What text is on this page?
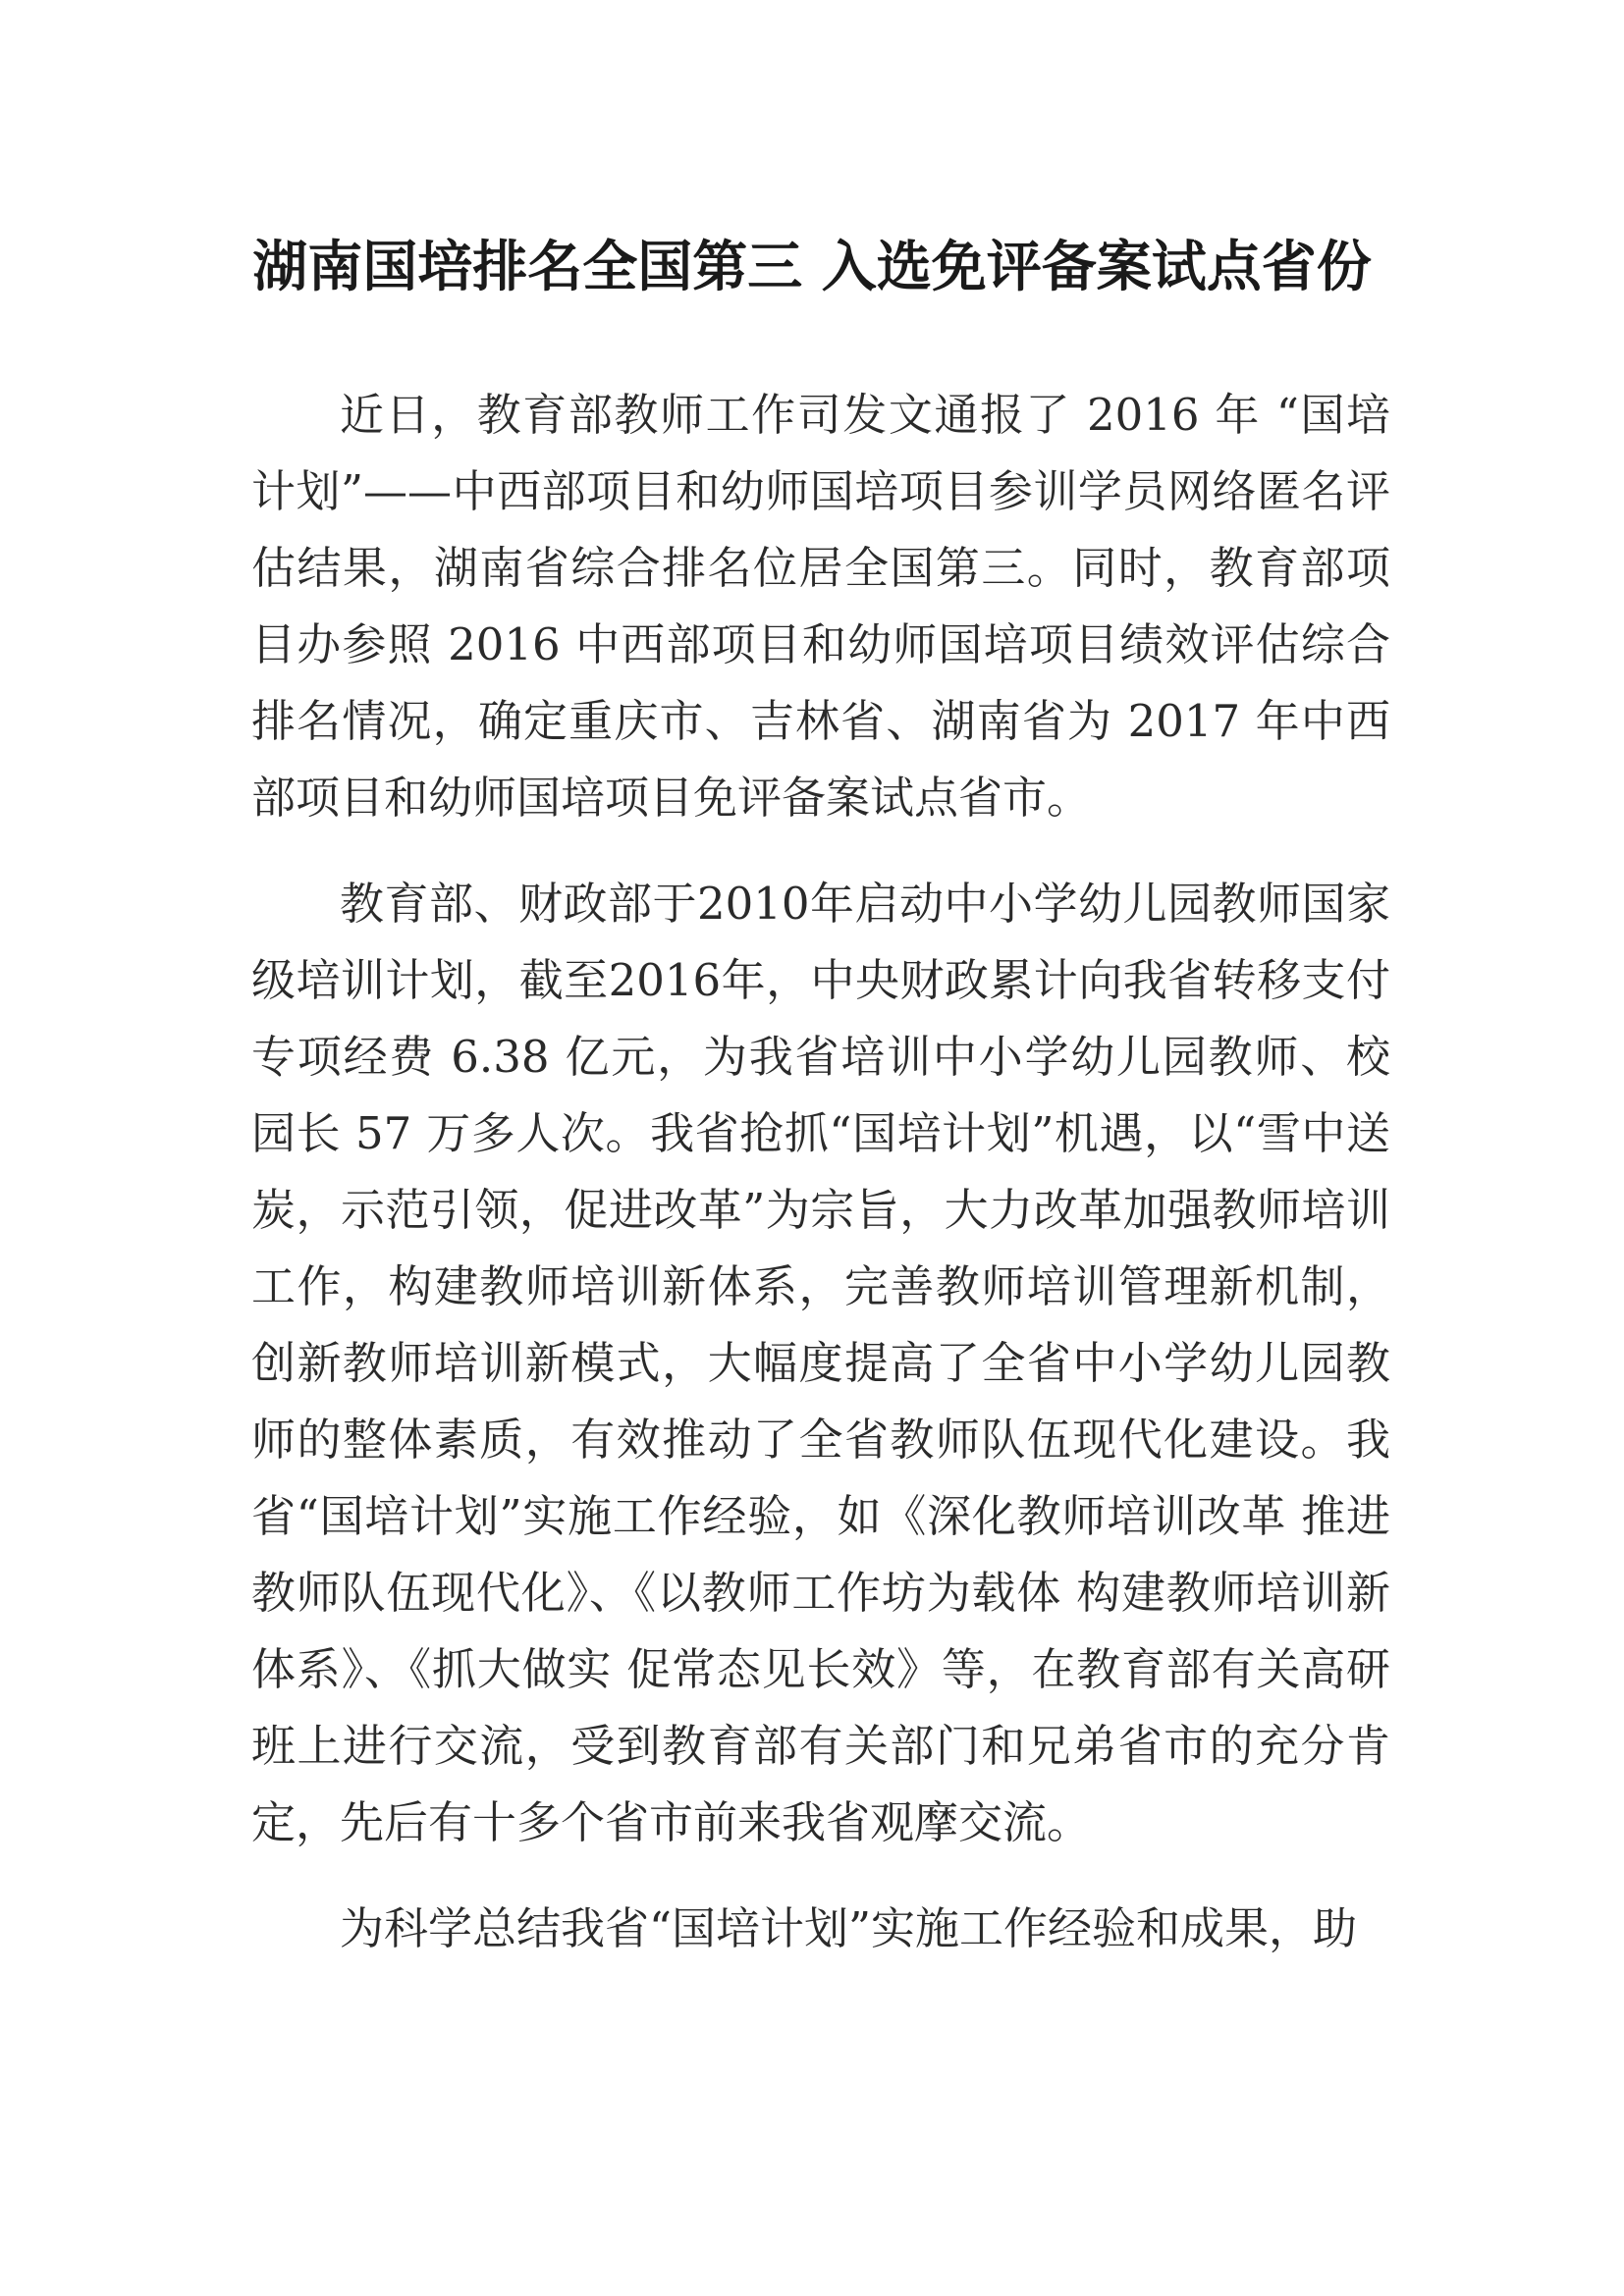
湖南国培排名全国第三 入选免评备案试点省份

近日，教育部教师工作司发文通报了 2016 年 “国培计划”——中西部项目和幼师国培项目参训学员网络匿名评估结果，湖南省综合排名位居全国第三。同时，教育部项目办参照 2016 中西部项目和幼师国培项目绩效评估综合排名情况，确定重庆市、吉林省、湖南省为 2017 年中西部项目和幼师国培项目免评备案试点省市。

教育部、财政部于2010年启动中小学幼儿园教师国家级培训计划，截至2016年，中央财政累计向我省转移支付专项经费 6.38 亿元，为我省培训中小学幼儿园教师、校园长 57 万多人次。我省抢抓“国培计划”机遇，以“雪中送炭，示范引领，促进改革”为宗旨，大力改革加强教师培训工作，构建教师培训新体系，完善教师培训管理新机制，创新教师培训新模式，大幅度提高了全省中小学幼儿园教师的整体素质，有效推动了全省教师队伍现代化建设。我省“国培计划”实施工作经验，如《深化教师培训改革 推进教师队伍现代化》、《以教师工作坊为载体 构建教师培训新体系》、《抓大做实 促常态见长效》等，在教育部有关高研班上进行交流，受到教育部有关部门和兄弟省市的充分肯定，先后有十多个省市前来我省观摩交流。

为科学总结我省“国培计划”实施工作经验和成果，助
